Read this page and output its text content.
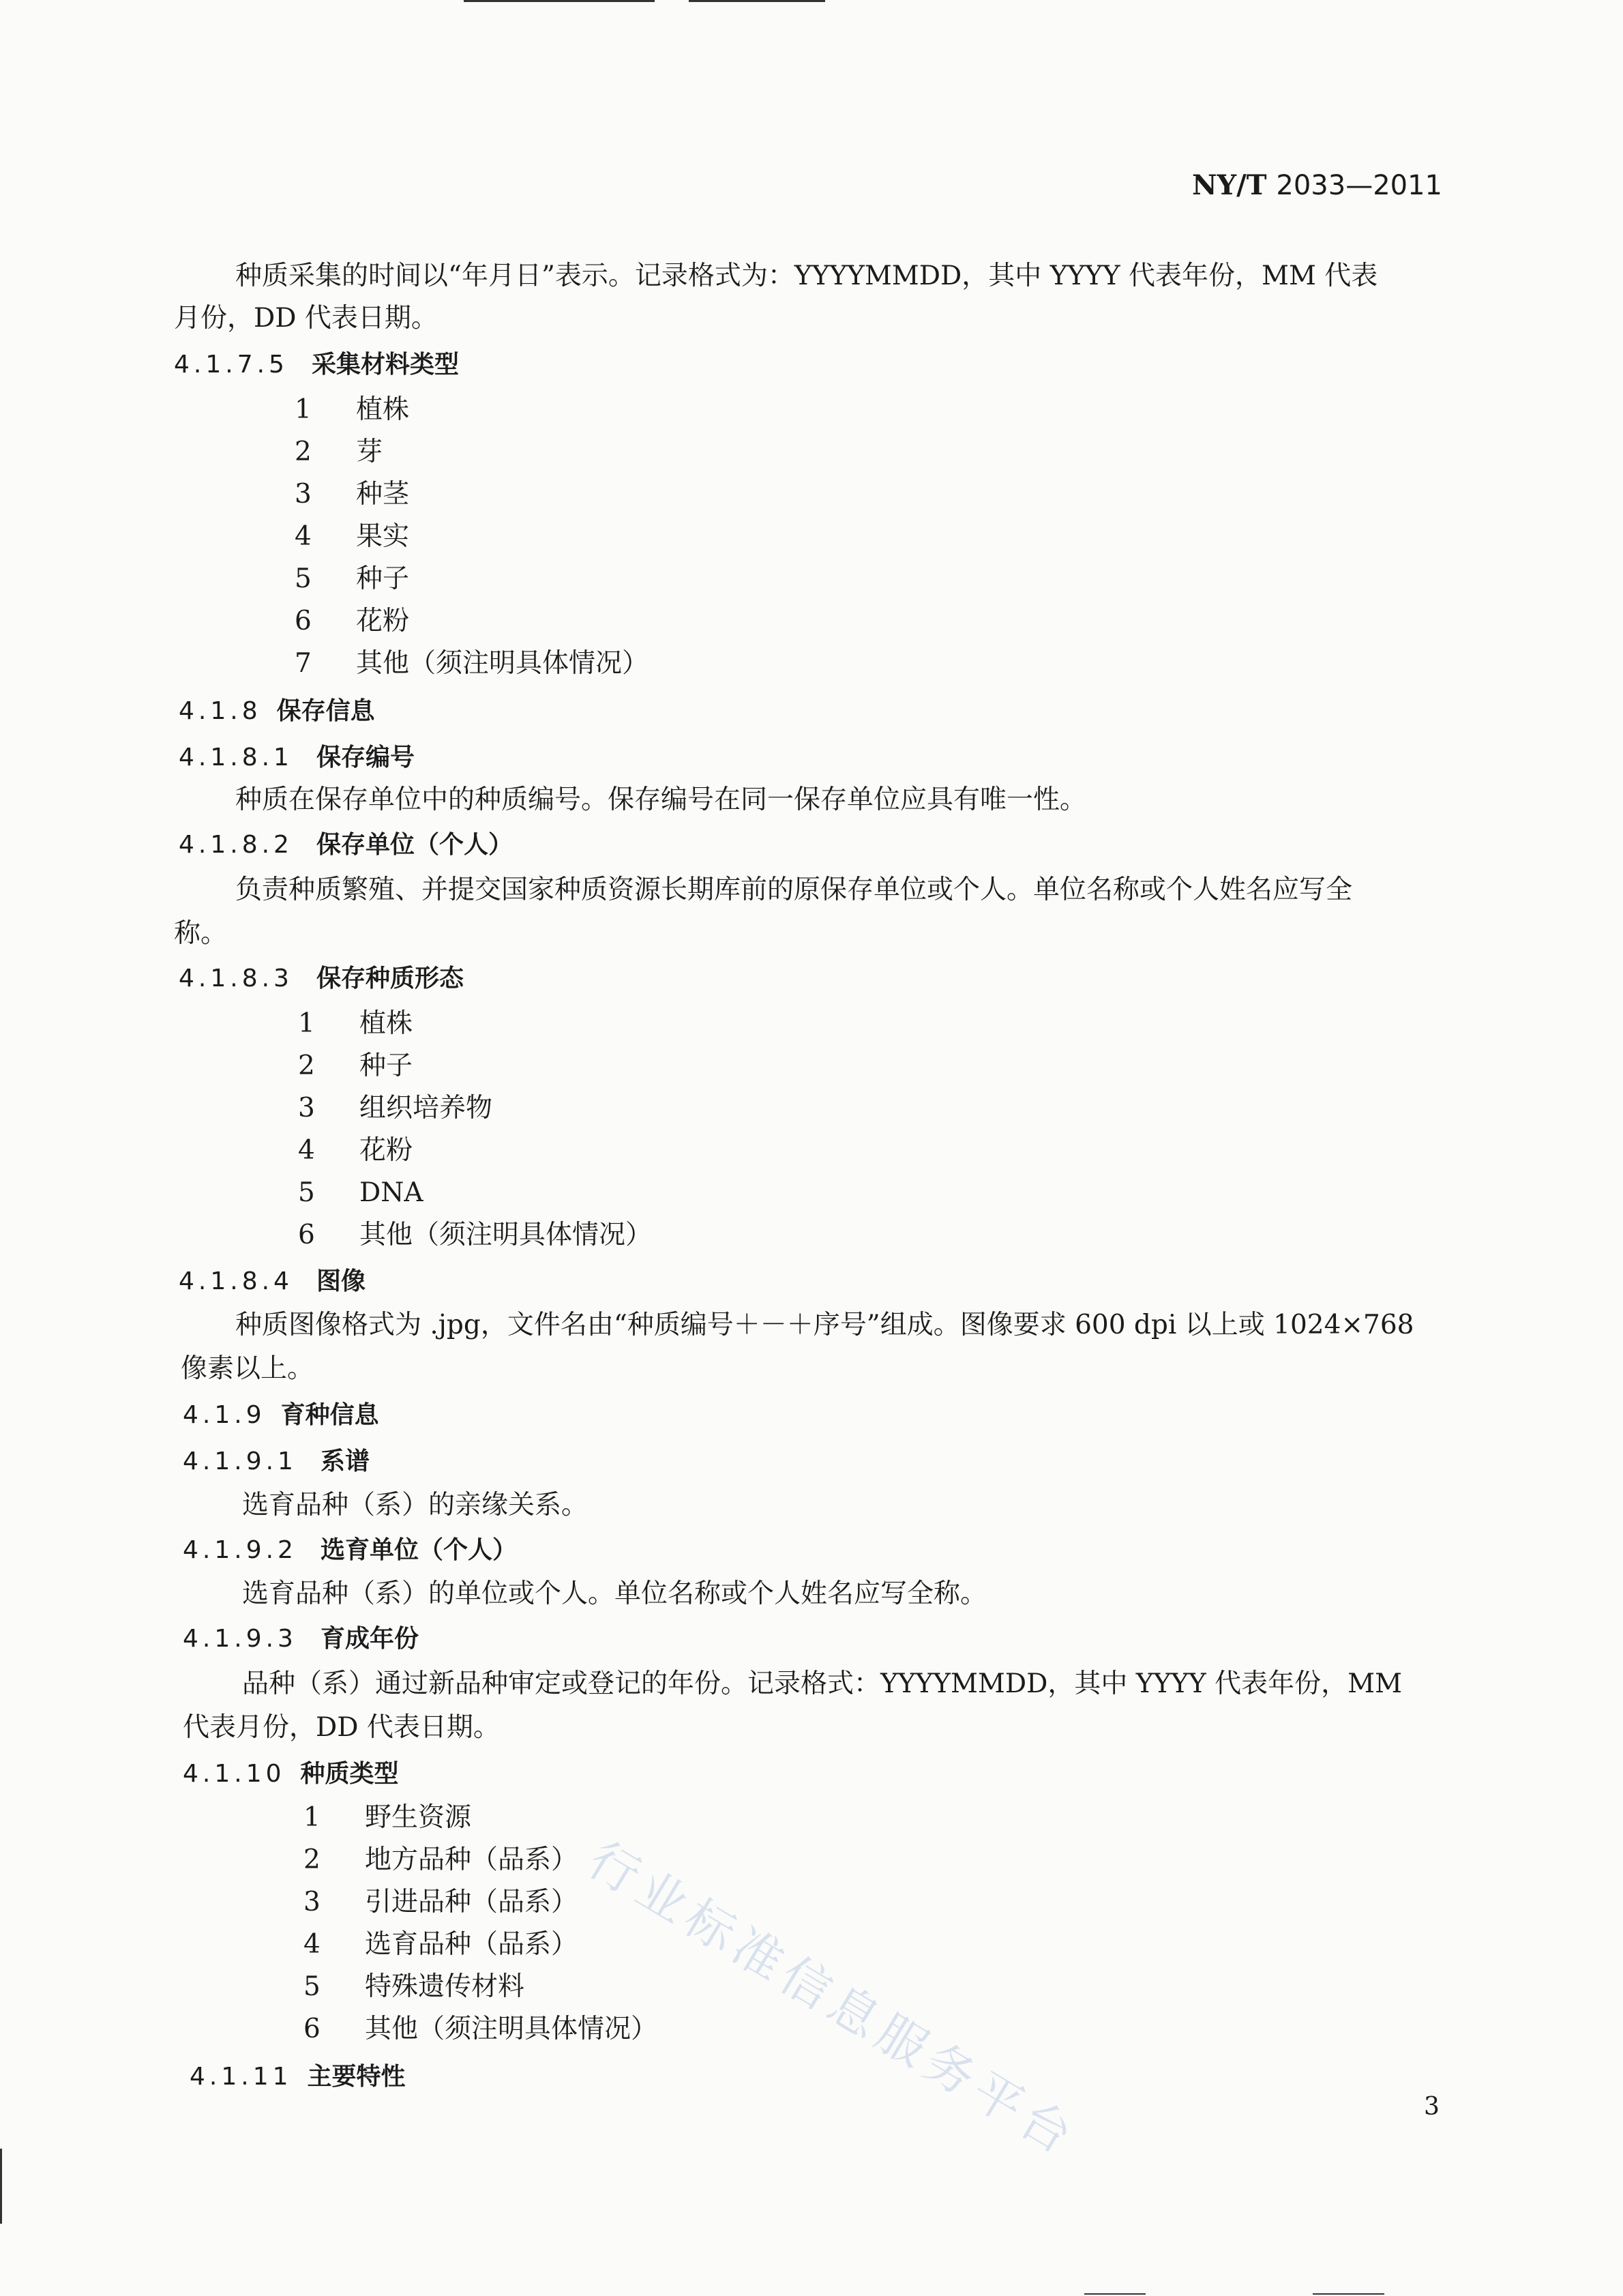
NY/T 2033—2011
种质采集的时间以“年月日”表示。记录格式为：YYYYMMDD，其中 YYYY 代表年份，MM 代表
月份，DD 代表日期。
4.1.7.5 采集材料类型
1 植株
2 芽
3 种茎
4 果实
5 种子
6 花粉
7 其他（须注明具体情况）
4.1.8 保存信息
4.1.8.1 保存编号
种质在保存单位中的种质编号。保存编号在同一保存单位应具有唯一性。
4.1.8.2 保存单位（个人）
负责种质繁殖、并提交国家种质资源长期库前的原保存单位或个人。单位名称或个人姓名应写全
称。
4.1.8.3 保存种质形态
1 植株
2 种子
3 组织培养物
4 花粉
5 DNA
6 其他（须注明具体情况）
4.1.8.4 图像
种质图像格式为 .jpg，文件名由“种质编号＋－＋序号”组成。图像要求 600 dpi 以上或 1024×768
像素以上。
4.1.9 育种信息
4.1.9.1 系谱
选育品种（系）的亲缘关系。
4.1.9.2 选育单位（个人）
选育品种（系）的单位或个人。单位名称或个人姓名应写全称。
4.1.9.3 育成年份
品种（系）通过新品种审定或登记的年份。记录格式：YYYYMMDD，其中 YYYY 代表年份，MM
代表月份，DD 代表日期。
4.1.10 种质类型
1 野生资源
2 地方品种（品系）
3 引进品种（品系）
4 选育品种（品系）
5 特殊遗传材料
6 其他（须注明具体情况）
4.1.11 主要特性
3
行业标准信息服务平台
